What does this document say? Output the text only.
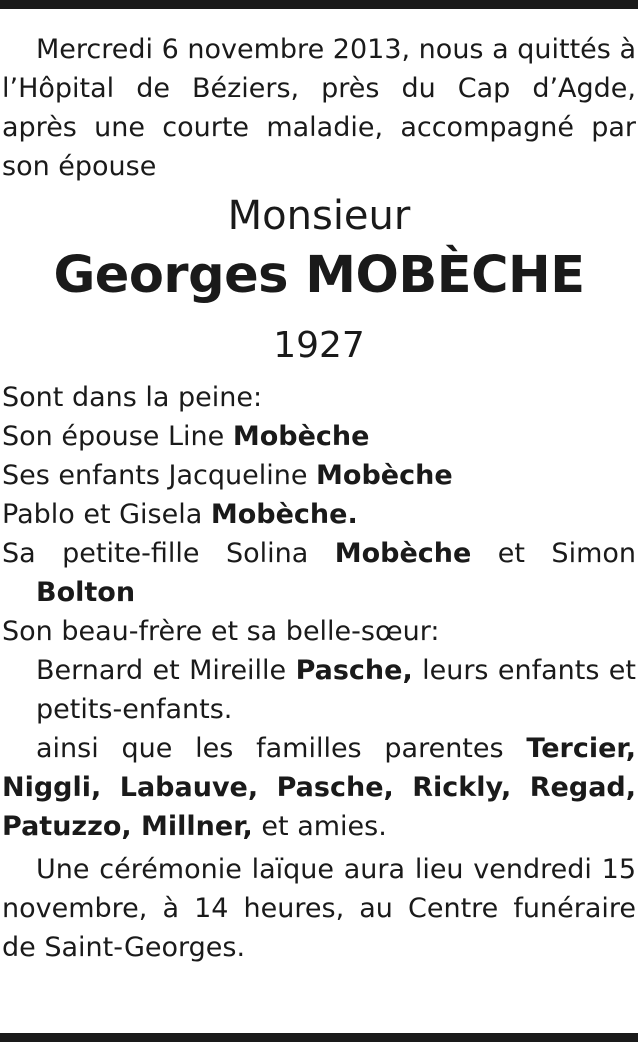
Mercredi 6 novembre 2013, nous a quittés à l’Hôpital de Béziers, près du Cap d’Agde, après une courte maladie, accompagné par son épouse

Monsieur
Georges MOBÈCHE
1927
Sont dans la peine:
Son épouse Line Mobèche
Ses enfants Jacqueline Mobèche
Pablo et Gisela Mobèche.
Sa petite-fille Solina Mobèche et Simon Bolton
Son beau-frère et sa belle-sœur:
Bernard et Mireille Pasche, leurs enfants et petits-enfants.
ainsi que les familles parentes Tercier, Niggli, Labauve, Pasche, Rickly, Regad, Patuzzo, Millner, et amies.

Une cérémonie laïque aura lieu vendredi 15 novembre, à 14 heures, au Centre funéraire de Saint-Georges.
